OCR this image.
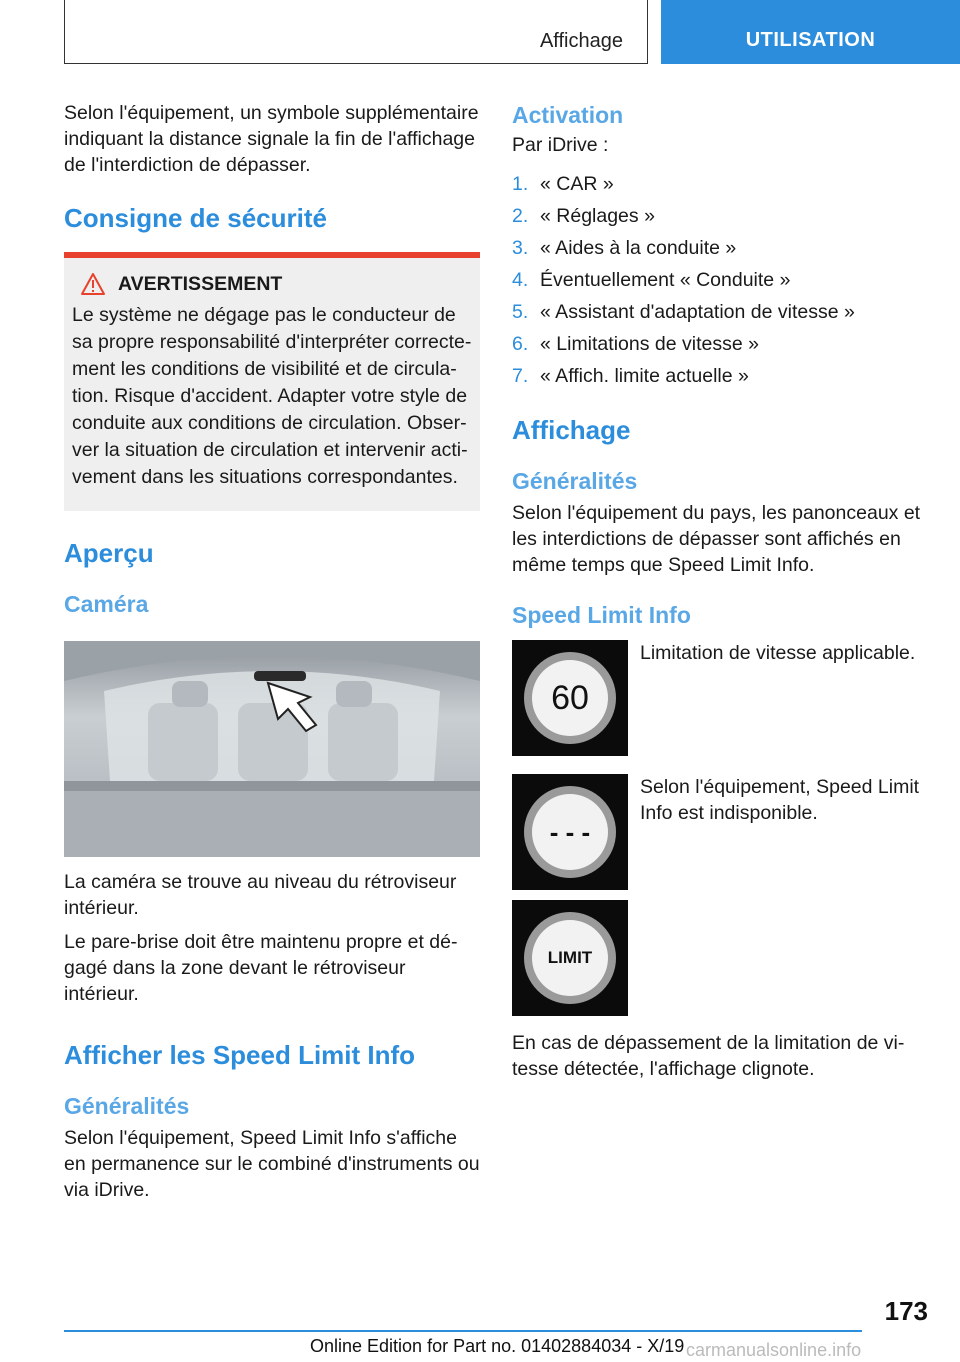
Affichage	UTILISATION

Selon l'équipement, un symbole supplémentaire indiquant la distance signale la fin de l'affichage de l'interdiction de dépasser.

Consigne de sécurité
AVERTISSEMENT

Le système ne dégage pas le conducteur de sa propre responsabilité d'interpréter correctement les conditions de visibilité et de circulation. Risque d'accident. Adapter votre style de conduite aux conditions de circulation. Observer la situation de circulation et intervenir activement dans les situations correspondantes.

Aperçu
Caméra

La caméra se trouve au niveau du rétroviseur intérieur.

Le pare-brise doit être maintenu propre et dégagé dans la zone devant le rétroviseur intérieur.

Afficher les Speed Limit Info
Généralités

Selon l'équipement, Speed Limit Info s'affiche en permanence sur le combiné d'instruments ou via iDrive.

Activation

Par iDrive :

1. « CAR »
2. « Réglages »
3. « Aides à la conduite »
4. Éventuellement « Conduite »
5. « Assistant d'adaptation de vitesse »
6. « Limitations de vitesse »
7. « Affich. limite actuelle »
Affichage
Généralités

Selon l'équipement du pays, les panonceaux et les interdictions de dépasser sont affichés en même temps que Speed Limit Info.

Speed Limit Info
60

Limitation de vitesse applicable.

- - -

Selon l'équipement, Speed Limit Info est indisponible.

LIMIT

En cas de dépassement de la limitation de vitesse détectée, l'affichage clignote.

173
Online Edition for Part no. 01402884034 - X/19 carmanualsonline.info
